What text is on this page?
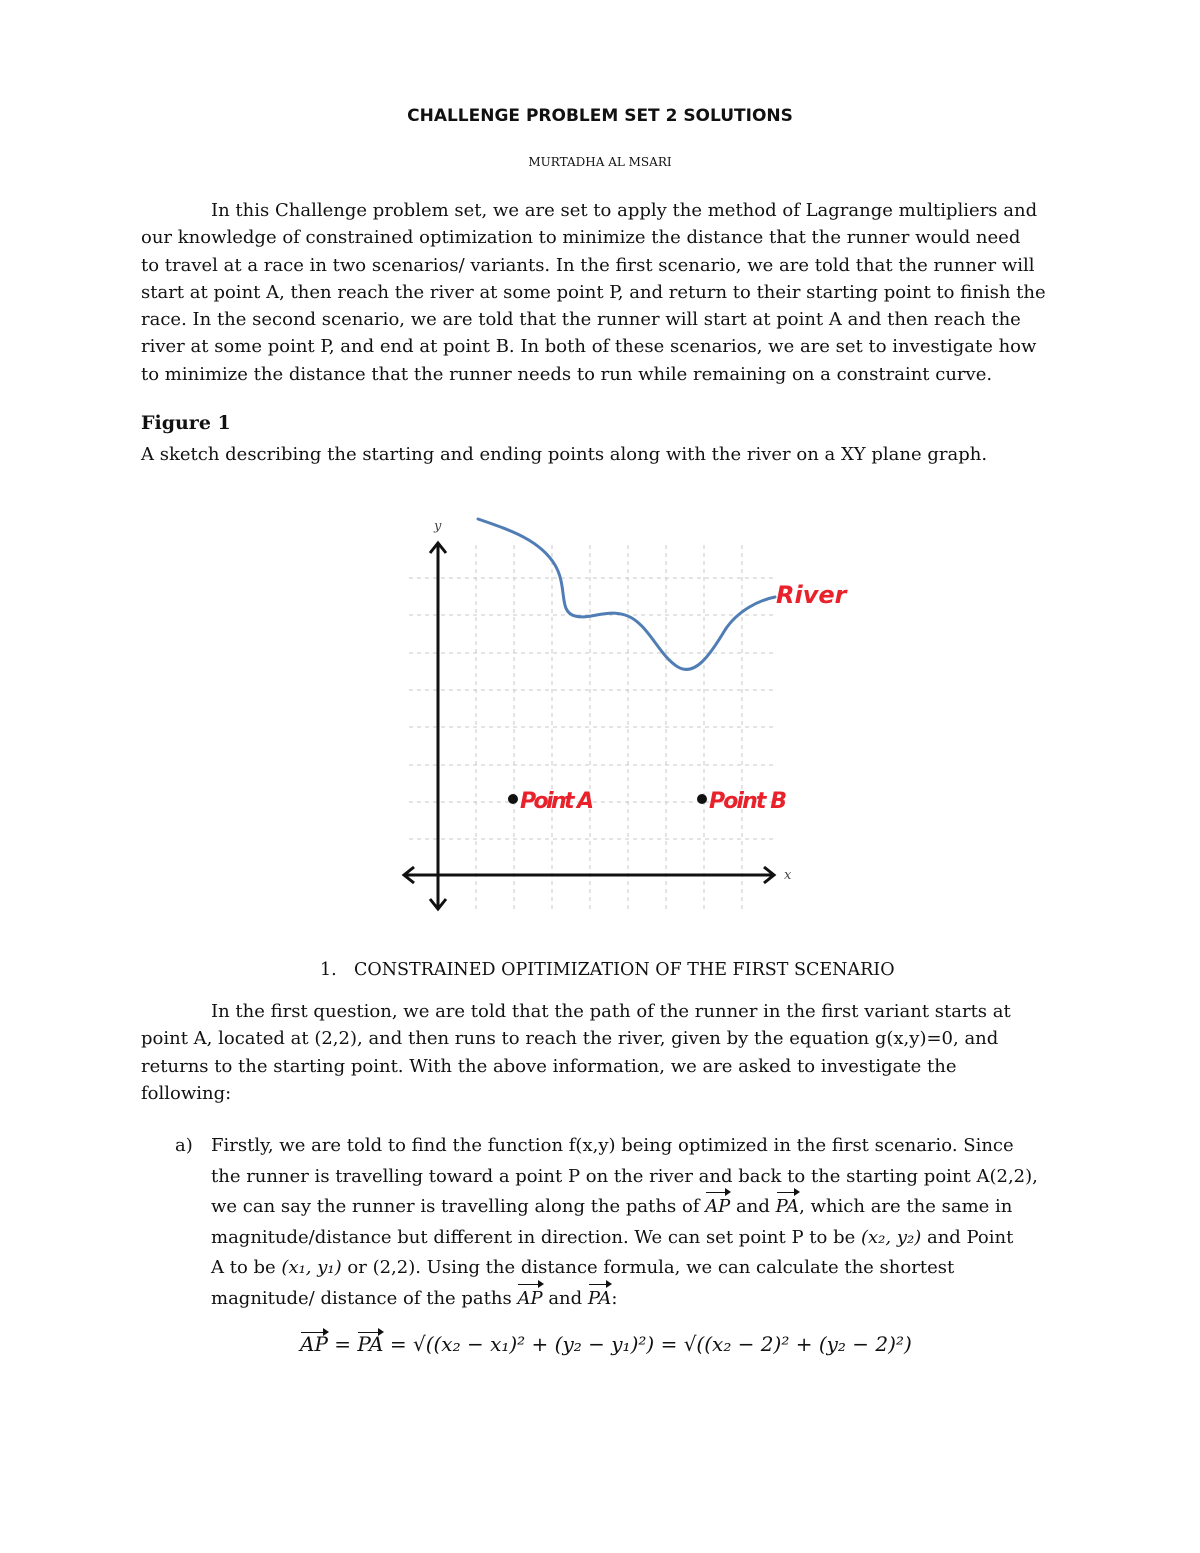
CHALLENGE PROBLEM SET 2 SOLUTIONS
MURTADHA AL MSARI
In this Challenge problem set, we are set to apply the method of Lagrange multipliers and
our knowledge of constrained optimization to minimize the distance that the runner would need
to travel at a race in two scenarios/ variants. In the first scenario, we are told that the runner will
start at point A, then reach the river at some point P, and return to their starting point to finish the
race. In the second scenario, we are told that the runner will start at point A and then reach the
river at some point P, and end at point B. In both of these scenarios, we are set to investigate how
to minimize the distance that the runner needs to run while remaining on a constraint curve.
Figure 1
A sketch describing the starting and ending points along with the river on a XY plane graph.
y
x
River
Point A	Point B
1. CONSTRAINED OPITIMIZATION OF THE FIRST SCENARIO
In the first question, we are told that the path of the runner in the first variant starts at
point A, located at (2,2), and then runs to reach the river, given by the equation g(x,y)=0, and
returns to the starting point. With the above information, we are asked to investigate the
following:
a) Firstly, we are told to find the function f(x,y) being optimized in the first scenario. Since
the runner is travelling toward a point P on the river and back to the starting point A(2,2),
we can say the runner is travelling along the paths of AP and PA, which are the same in
magnitude/distance but different in direction. We can set point P to be (x₂, y₂) and Point
A to be (x₁, y₁) or (2,2). Using the distance formula, we can calculate the shortest
magnitude/ distance of the paths AP and PA:
AP = PA = √((x₂ − x₁)² + (y₂ − y₁)²) = √((x₂ − 2)² + (y₂ − 2)²)
